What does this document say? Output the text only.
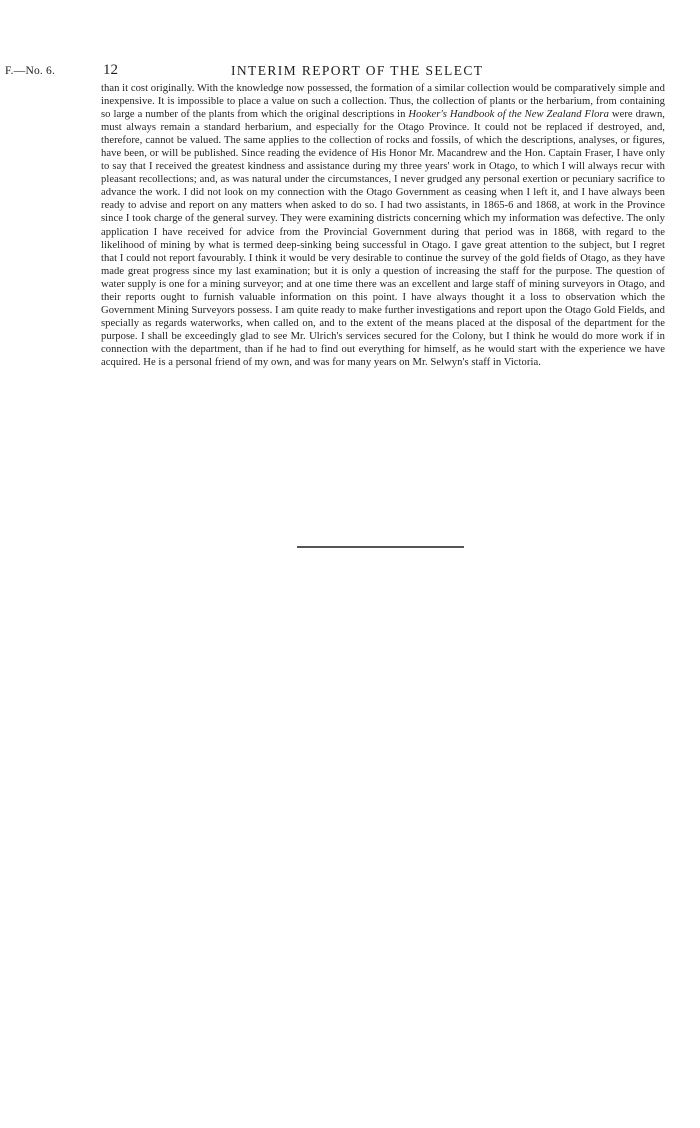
F.—No. 6.	12	INTERIM REPORT OF THE SELECT

than it cost originally. With the knowledge now possessed, the formation of a similar collection would be comparatively simple and inexpensive. It is impossible to place a value on such a collection. Thus, the collection of plants or the herbarium, from containing so large a number of the plants from which the original descriptions in Hooker's Handbook of the New Zealand Flora were drawn, must always remain a standard herbarium, and especially for the Otago Province. It could not be replaced if destroyed, and, therefore, cannot be valued. The same applies to the collection of rocks and fossils, of which the descriptions, analyses, or figures, have been, or will be published. Since reading the evidence of His Honor Mr. Macandrew and the Hon. Captain Fraser, I have only to say that I received the greatest kindness and assistance during my three years' work in Otago, to which I will always recur with pleasant recollections; and, as was natural under the circumstances, I never grudged any personal exertion or pecuniary sacrifice to advance the work. I did not look on my connection with the Otago Government as ceasing when I left it, and I have always been ready to advise and report on any matters when asked to do so. I had two assistants, in 1865-6 and 1868, at work in the Province since I took charge of the general survey. They were examining districts concerning which my information was defective. The only application I have received for advice from the Provincial Government during that period was in 1868, with regard to the likelihood of mining by what is termed deep-sinking being successful in Otago. I gave great attention to the subject, but I regret that I could not report favourably. I think it would be very desirable to continue the survey of the gold fields of Otago, as they have made great progress since my last examination; but it is only a question of increasing the staff for the purpose. The question of water supply is one for a mining surveyor; and at one time there was an excellent and large staff of mining surveyors in Otago, and their reports ought to furnish valuable information on this point. I have always thought it a loss to observation which the Government Mining Surveyors possess. I am quite ready to make further investigations and report upon the Otago Gold Fields, and specially as regards waterworks, when called on, and to the extent of the means placed at the disposal of the department for the purpose. I shall be exceedingly glad to see Mr. Ulrich's services secured for the Colony, but I think he would do more work if in connection with the department, than if he had to find out everything for himself, as he would start with the experience we have acquired. He is a personal friend of my own, and was for many years on Mr. Selwyn's staff in Victoria.
